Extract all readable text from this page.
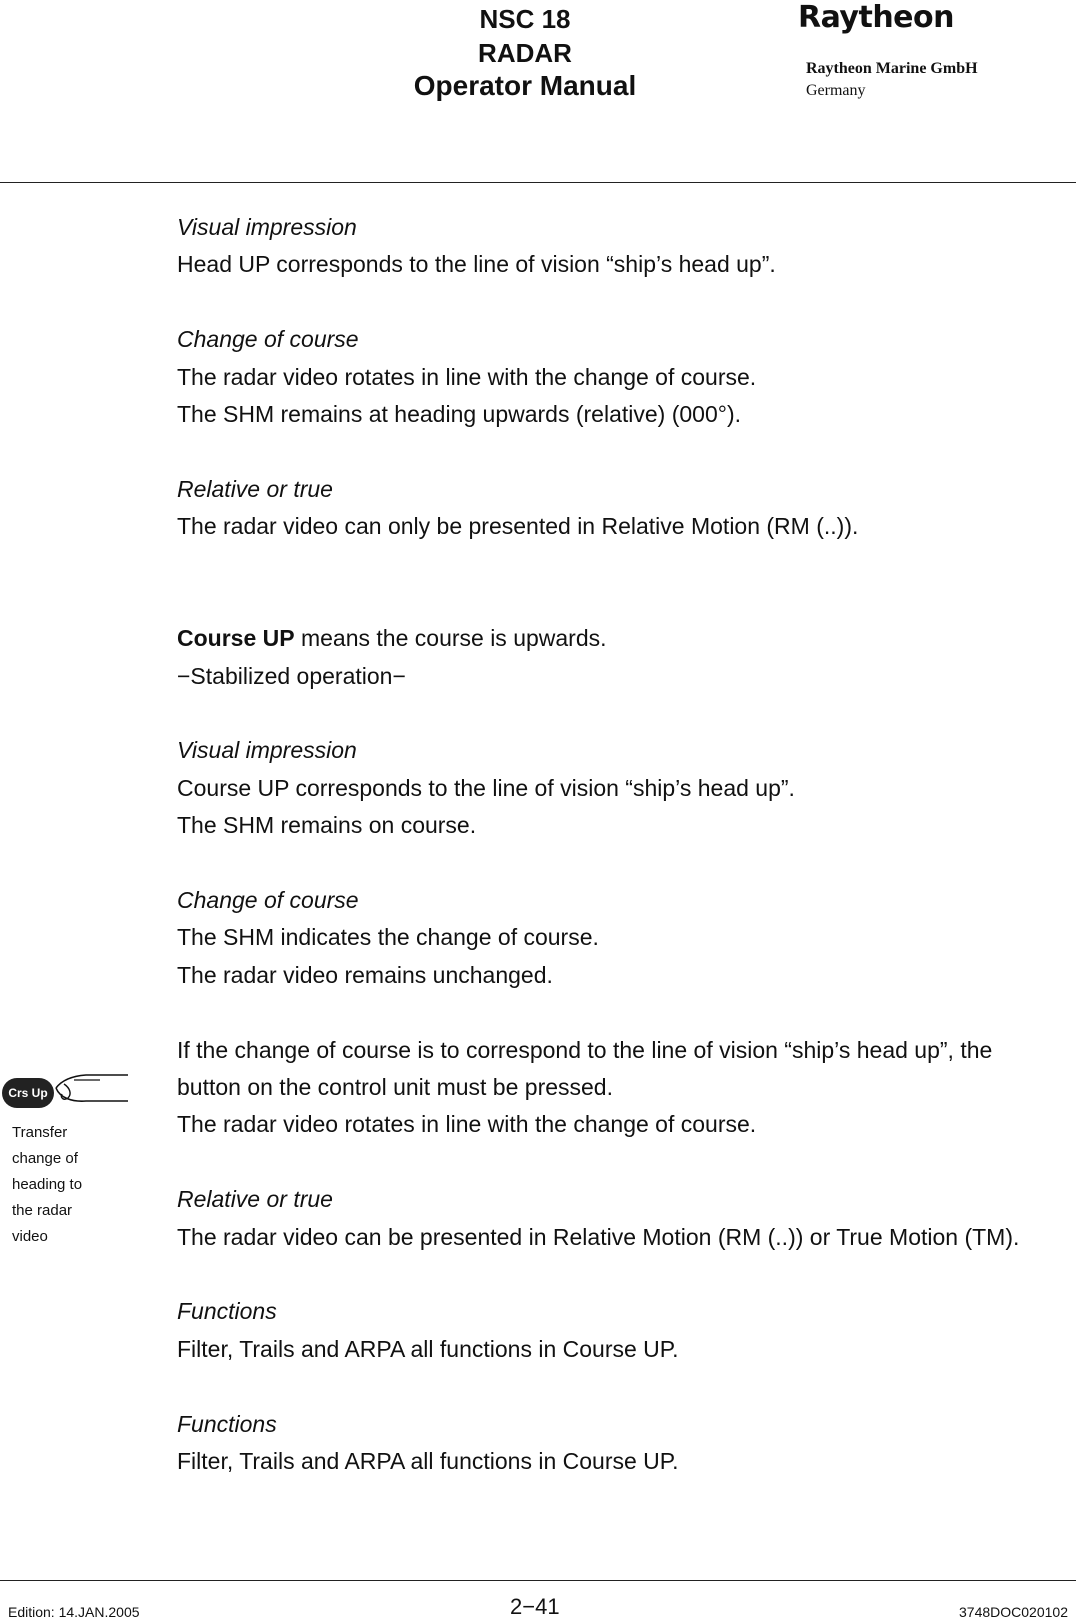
NSC 18
RADAR
Operator Manual
Raytheon
Raytheon Marine GmbH
Germany
Visual impression
Head UP corresponds to the line of vision “ship’s head up”.
Change of course
The radar video rotates in line with the change of course.
The SHM remains at heading upwards (relative) (000°).
Relative or true
The radar video can only be presented in Relative Motion (RM (..)).
Course UP means the course is upwards.
−Stabilized operation−
Visual impression
Course UP corresponds to the line of vision “ship’s head up”.
The SHM remains on course.
Change of course
The SHM indicates the change of course.
The radar video remains unchanged.
If the change of course is to correspond to the line of vision “ship’s head up”, the
button on the control unit must be pressed.
The radar video rotates in line with the change of course.
Relative or true
The radar video can be presented in Relative Motion (RM (..)) or True Motion (TM).
Functions
Filter, Trails and ARPA all functions in Course UP.
Functions
Filter, Trails and ARPA all functions in Course UP.
Crs Up
Transfer
change of
heading to
the radar
video
Edition: 14.JAN.2005	2−41	3748DOC020102
